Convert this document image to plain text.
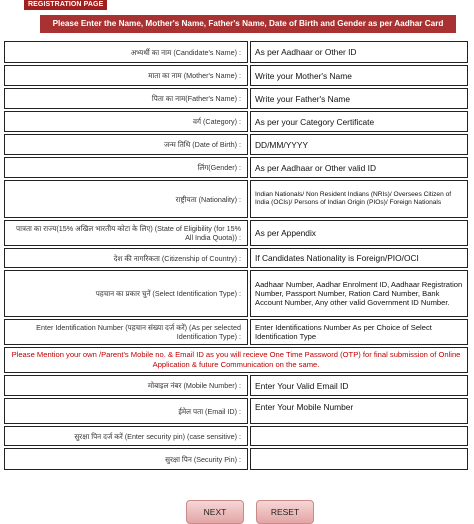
REGISTRATION PAGE
Please Enter the Name, Mother's Name, Father's Name, Date of Birth and Gender as per Aadhar Card
अभ्यर्थी का नाम (Candidate's Name) :	As per Aadhaar or Other ID
माता का नाम (Mother's Name) :	Write your Mother's Name
पिता का नाम(Father's Name) :	Write your Father's Name
वर्ग (Category) :	As per your Category Certificate
जन्म तिथि (Date of Birth) :	DD/MM/YYYY
लिंग(Gender) :	As per Aadhaar or Other valid ID
राष्ट्रीयता (Nationality) :	Indian Nationals/ Non Resident Indians (NRIs)/ Oversees Citizen of India (OCIs)/ Persons of Indian Origin (PIOs)/ Foreign Nationals
पात्रता का राज्य(15% अखिल भारतीय कोटा के लिए) (State of Eligibility (for 15% All India Quota)) :	As per Appendix
देश की नागरिकता (Citizenship of Country) :	If Candidates Nationality is Foreign/PIO/OCI
पहचान का प्रकार चुनें (Select Identification Type) :
Aadhaar Number, Aadhar Enrolment ID, Aadhaar Registration Number, Passport Number, Ration Card Number, Bank Account Number, Any other valid Government ID Number.
Enter Identification Number (पहचान संख्या दर्ज करें) (As per selected Identification Type) :
Enter Identifications Number As per Choice of Select Identification Type
Please Mention your own /Parent's Mobile no. & Email ID as you will recieve One Time Password (OTP) for final submission of Online Application & future Communication on the same.
मोबाइल नंबर (Mobile Number) :	Enter Your Valid Email ID
ईमेल पता (Email ID) :	Enter Your Mobile Number
सुरक्षा पिन दर्ज करें (Enter security pin) (case sensitive) :
सुरक्षा पिन (Security Pin) :
NEXT	RESET
